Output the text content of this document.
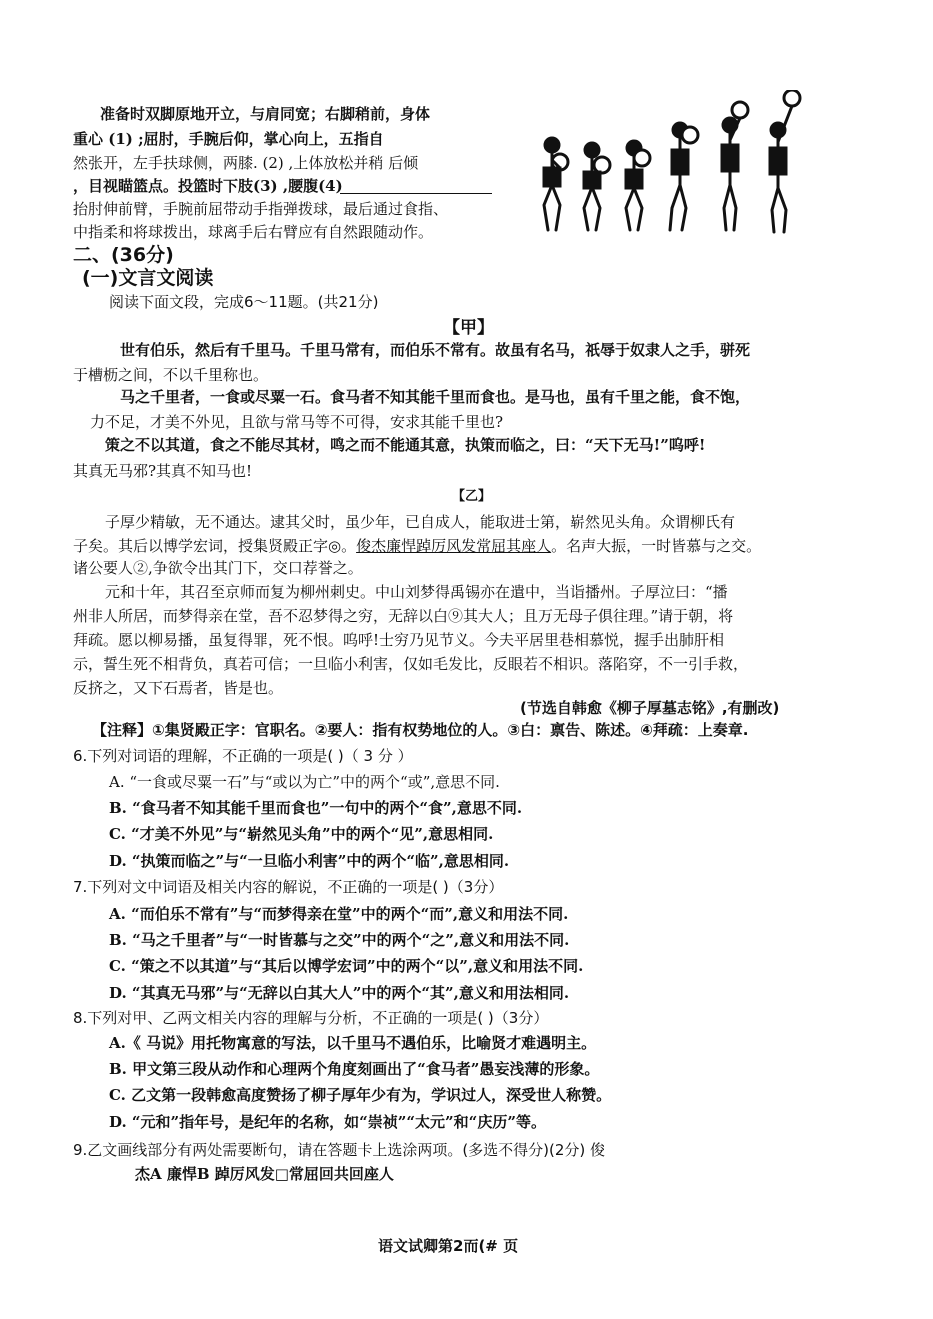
准备时双脚原地开立，与肩同宽；右脚稍前，身体
重心 (1) ;屈肘，手腕后仰，掌心向上，五指自
然张开，左手扶球侧，两膝. (2) ,上体放松并稍 后倾
，目视瞄篮点。投篮时下肢(3) ,腰腹(4)
抬肘伸前臂，手腕前屈带动手指弹拨球，最后通过食指、
中指柔和将球拨出，球离手后右臂应有自然跟随动作。
二、(36分)
(一)文言文阅读
阅读下面文段，完成6～11题。(共21分)
【甲】
世有伯乐，然后有千里马。千里马常有，而伯乐不常有。故虽有名马，祇辱于奴隶人之手，骈死
于槽枥之间，不以千里称也。
马之千里者，一食或尽粟一石。食马者不知其能千里而食也。是马也，虽有千里之能，食不饱，
力不足，才美不外见，且欲与常马等不可得，安求其能千里也?
策之不以其道，食之不能尽其材，鸣之而不能通其意，执策而临之，曰：“天下无马!”呜呼!
其真无马邪?其真不知马也!
【乙】
子厚少精敏，无不通达。逮其父时，虽少年，已自成人，能取进士第，崭然见头角。众谓柳氏有
子矣。其后以博学宏词，授集贤殿正字◎。俊杰廉悍踔厉风发常屈其座人。名声大振，一时皆慕与之交。
诸公要人②,争欲令出其门下，交口荐誉之。
元和十年，其召至京师而复为柳州刺史。中山刘梦得禹锡亦在遣中，当诣播州。子厚泣曰：“播
州非人所居，而梦得亲在堂，吾不忍梦得之穷，无辞以白⑨其大人；且万无母子俱往理。”请于朝，将
拜疏。愿以柳易播，虽复得罪，死不恨。呜呼!士穷乃见节义。今夫平居里巷相慕悦，握手出肺肝相
示，誓生死不相背负，真若可信；一旦临小利害，仅如毛发比，反眼若不相识。落陷穿，不一引手救，
反挤之，又下石焉者，皆是也。
(节选自韩愈《柳子厚墓志铭》,有删改)
【注释】①集贤殿正字：官职名。②要人：指有权势地位的人。③白：禀告、陈述。④拜疏：上奏章.
6.下列对词语的理解，不正确的一项是( )（ 3 分 ）
A. “一食或尽粟一石”与“或以为亡”中的两个“或”,意思不同.
B. “食马者不知其能千里而食也”一句中的两个“食”,意思不同.
C. “才美不外见”与“崭然见头角”中的两个“见”,意思相同.
D. “执策而临之”与“一旦临小利害”中的两个“临”,意思相同.
7.下列对文中词语及相关内容的解说，不正确的一项是( )（3分）
A. “而伯乐不常有”与“而梦得亲在堂”中的两个“而”,意义和用法不同.
B. “马之千里者”与“一时皆慕与之交”中的两个“之”,意义和用法不同.
C. “策之不以其道”与“其后以博学宏词”中的两个“以”,意义和用法不同.
D. “其真无马邪”与“无辞以白其大人”中的两个“其”,意义和用法相同.
8.下列对甲、乙两文相关内容的理解与分析，不正确的一项是( )（3分）
A.《 马说》用托物寓意的写法，以千里马不遇伯乐，比喻贤才难遇明主。
B. 甲文第三段从动作和心理两个角度刻画出了“食马者”愚妄浅薄的形象。
C. 乙文第一段韩愈高度赞扬了柳子厚年少有为，学识过人，深受世人称赞。
D. “元和”指年号，是纪年的名称，如“崇祯”“太元”和“庆历”等。
9.乙文画线部分有两处需要断句，请在答题卡上选涂两项。(多选不得分)(2分) 俊
杰A 廉悍B 踔厉风发□常屈回共回座人
语文试卿第2而(# 页
